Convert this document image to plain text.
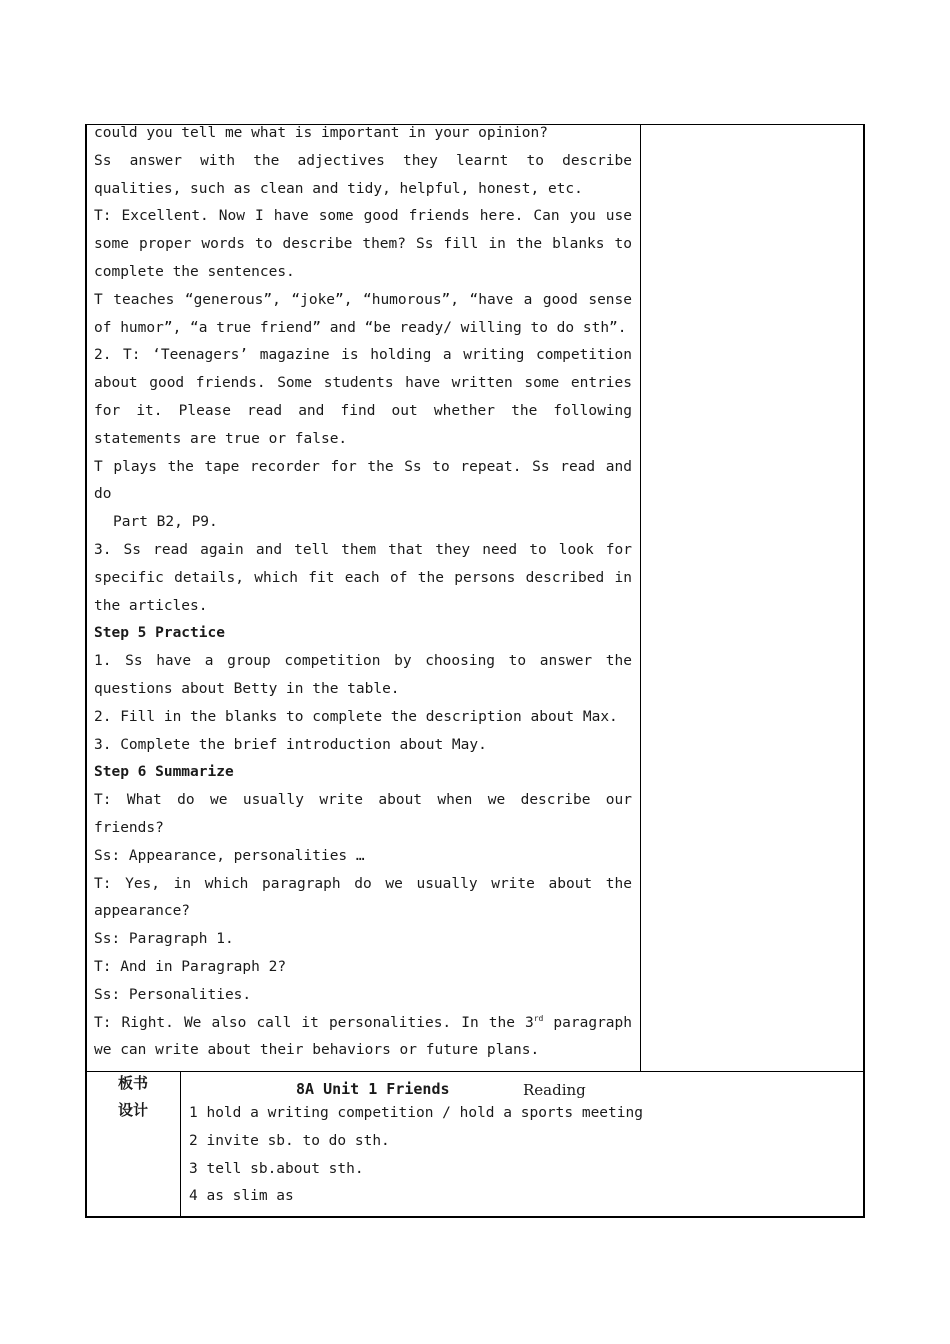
could you tell me what is important in your opinion?

Ss answer with the adjectives they learnt to describe qualities, such as clean and tidy, helpful, honest, etc.

T: Excellent. Now I have some good friends here. Can you use some proper words to describe them? Ss fill in the blanks to complete the sentences.

T teaches “generous”, “joke”, “humorous”, “have a good sense of humor”, “a true friend” and “be ready/ willing to do sth”.

2. T: ‘Teenagers’ magazine is holding a writing competition about good friends. Some students have written some entries for it. Please read and find out whether the following statements are true or false.

T plays the tape recorder for the Ss to repeat. Ss read and do

Part B2, P9.

3. Ss read again and tell them that they need to look for specific details, which fit each of the persons described in the articles.

Step 5 Practice

1. Ss have a group competition by choosing to answer the questions about Betty in the table.

2. Fill in the blanks to complete the description about Max.

3. Complete the brief introduction about May.

Step 6 Summarize

T: What do we usually write about when we describe our friends?

Ss: Appearance, personalities …

T: Yes, in which paragraph do we usually write about the appearance?

Ss: Paragraph 1.

T: And in Paragraph 2?

Ss: Personalities.

T: Right. We also call it personalities. In the 3rd paragraph we can write about their behaviors or future plans.

板书
设计
8A Unit 1 Friends	Reading
1 hold a writing competition / hold a sports meeting
2 invite sb. to do sth.
3 tell sb.about sth.
4 as slim as
